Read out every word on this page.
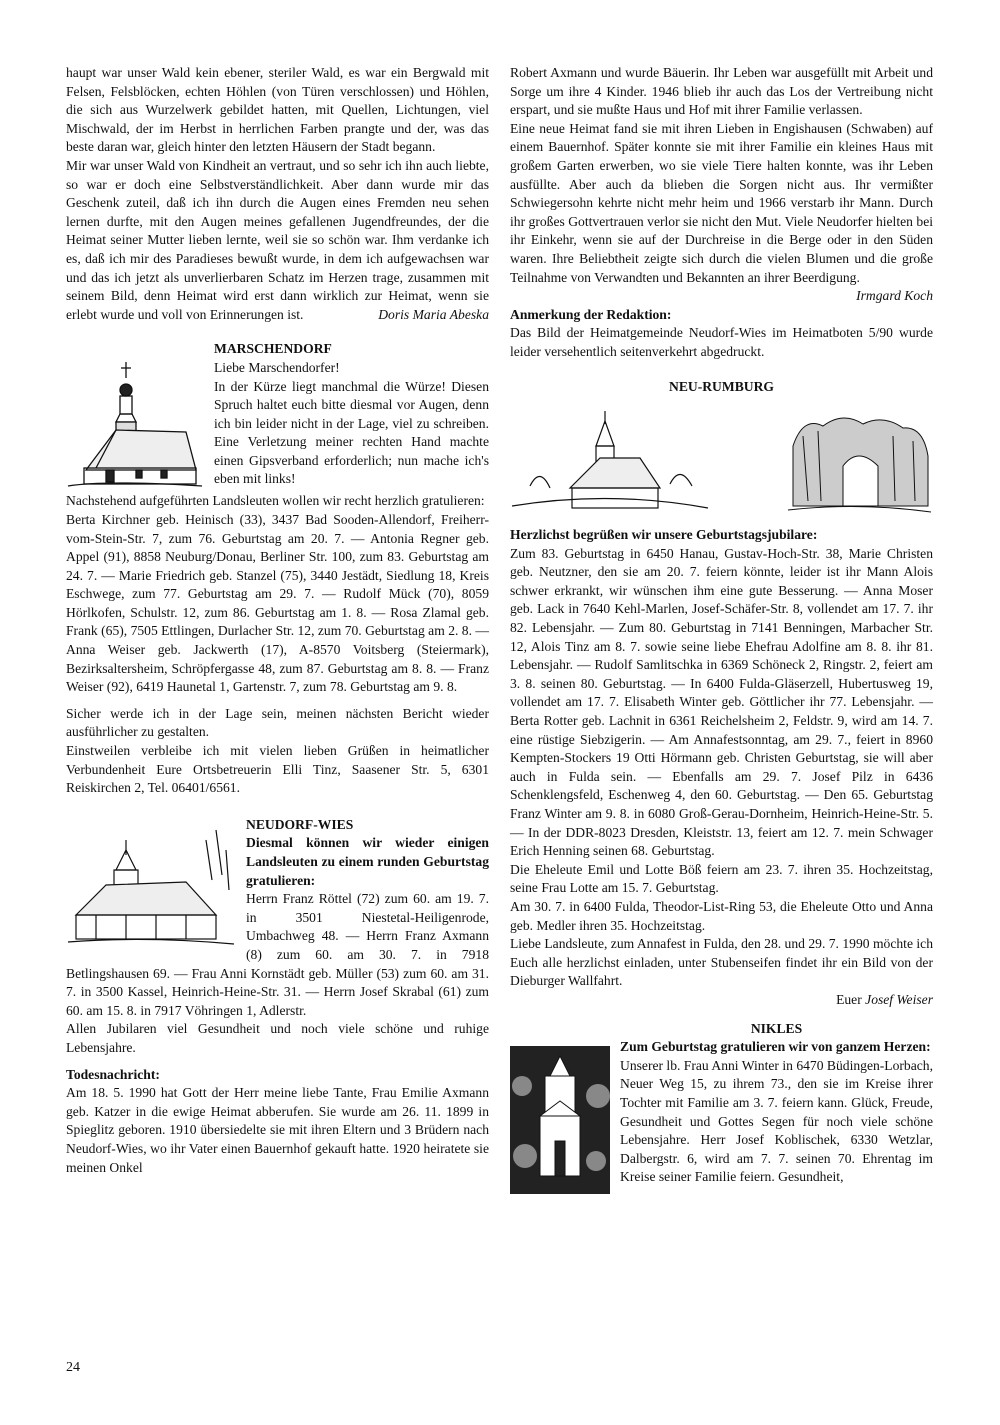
haupt war unser Wald kein ebener, steriler Wald, es war ein Bergwald mit Felsen, Felsblöcken, echten Höhlen (von Türen verschlossen) und Höhlen, die sich aus Wurzelwerk gebildet hatten, mit Quellen, Lichtungen, viel Mischwald, der im Herbst in herrlichen Farben prangte und der, was das beste daran war, gleich hinter den letzten Häusern der Stadt begann.

Mir war unser Wald von Kindheit an vertraut, und so sehr ich ihn auch liebte, so war er doch eine Selbstverständlichkeit. Aber dann wurde mir das Geschenk zuteil, daß ich ihn durch die Augen eines Fremden neu sehen lernen durfte, mit den Augen meines gefallenen Jugendfreundes, der die Heimat seiner Mutter lieben lernte, weil sie so schön war. Ihm verdanke ich es, daß ich mir des Paradieses bewußt wurde, in dem ich aufgewachsen war und das ich jetzt als unverlierbaren Schatz im Herzen trage, zusammen mit seinem Bild, denn Heimat wird erst dann wirklich zur Heimat, wenn sie erlebt wurde und voll von Erinnerungen ist.	Doris Maria Abeska

MARSCHENDORF

Liebe Marschendorfer!

In der Kürze liegt manchmal die Würze! Diesen Spruch haltet euch bitte diesmal vor Augen, denn ich bin leider nicht in der Lage, viel zu schreiben. Eine Verletzung meiner rechten Hand machte einen Gipsverband erforderlich; nun mache ich's eben mit links!

Nachstehend aufgeführten Landsleuten wollen wir recht herzlich gratulieren:

Berta Kirchner geb. Heinisch (33), 3437 Bad Sooden-Allendorf, Freiherr-vom-Stein-Str. 7, zum 76. Geburtstag am 20. 7. — Antonia Regner geb. Appel (91), 8858 Neuburg/Donau, Berliner Str. 100, zum 83. Geburtstag am 24. 7. — Marie Friedrich geb. Stanzel (75), 3440 Jestädt, Siedlung 18, Kreis Eschwege, zum 77. Geburtstag am 29. 7. — Rudolf Mück (70), 8059 Hörlkofen, Schulstr. 12, zum 86. Geburtstag am 1. 8. — Rosa Zlamal geb. Frank (65), 7505 Ettlingen, Durlacher Str. 12, zum 70. Geburtstag am 2. 8. — Anna Weiser geb. Jackwerth (17), A-8570 Voitsberg (Steiermark), Bezirksaltersheim, Schröpfergasse 48, zum 87. Geburtstag am 8. 8. — Franz Weiser (92), 6419 Haunetal 1, Gartenstr. 7, zum 78. Geburtstag am 9. 8.

Sicher werde ich in der Lage sein, meinen nächsten Bericht wieder ausführlicher zu gestalten.

Einstweilen verbleibe ich mit vielen lieben Grüßen in heimatlicher Verbundenheit Eure Ortsbetreuerin Elli Tinz, Saasener Str. 5, 6301 Reiskirchen 2, Tel. 06401/6561.

NEUDORF-WIES

Diesmal können wir wieder einigen Landsleuten zu einem runden Geburtstag gratulieren:

Herrn Franz Röttel (72) zum 60. am 19. 7. in 3501 Niestetal-Heiligenrode, Umbachweg 48. — Herrn Franz Axmann (8) zum 60. am 30. 7. in 7918 Betlingshausen 69. — Frau Anni Kornstädt geb. Müller (53) zum 60. am 31. 7. in 3500 Kassel, Heinrich-Heine-Str. 31. — Herrn Josef Skrabal (61) zum 60. am 15. 8. in 7917 Vöhringen 1, Adlerstr.

Allen Jubilaren viel Gesundheit und noch viele schöne und ruhige Lebensjahre.

Todesnachricht:

Am 18. 5. 1990 hat Gott der Herr meine liebe Tante, Frau Emilie Axmann geb. Katzer in die ewige Heimat abberufen. Sie wurde am 26. 11. 1899 in Spieglitz geboren. 1910 übersiedelte sie mit ihren Eltern und 3 Brüdern nach Neudorf-Wies, wo ihr Vater einen Bauernhof gekauft hatte. 1920 heiratete sie meinen Onkel

Robert Axmann und wurde Bäuerin. Ihr Leben war ausgefüllt mit Arbeit und Sorge um ihre 4 Kinder. 1946 blieb ihr auch das Los der Vertreibung nicht erspart, und sie mußte Haus und Hof mit ihrer Familie verlassen.

Eine neue Heimat fand sie mit ihren Lieben in Engishausen (Schwaben) auf einem Bauernhof. Später konnte sie mit ihrer Familie ein kleines Haus mit großem Garten erwerben, wo sie viele Tiere halten konnte, was ihr Leben ausfüllte. Aber auch da blieben die Sorgen nicht aus. Ihr vermißter Schwiegersohn kehrte nicht mehr heim und 1966 verstarb ihr Mann. Durch ihr großes Gottvertrauen verlor sie nicht den Mut. Viele Neudorfer hielten bei ihr Einkehr, wenn sie auf der Durchreise in die Berge oder in den Süden waren. Ihre Beliebtheit zeigte sich durch die vielen Blumen und die große Teilnahme von Verwandten und Bekannten an ihrer Beerdigung.
Irmgard Koch

Anmerkung der Redaktion:

Das Bild der Heimatgemeinde Neudorf-Wies im Heimatboten 5/90 wurde leider versehentlich seitenverkehrt abgedruckt.

NEU-RUMBURG

Herzlichst begrüßen wir unsere Geburtstagsjubilare:

Zum 83. Geburtstag in 6450 Hanau, Gustav-Hoch-Str. 38, Marie Christen geb. Neutzner, den sie am 20. 7. feiern könnte, leider ist ihr Mann Alois schwer erkrankt, wir wünschen ihm eine gute Besserung. — Anna Moser geb. Lack in 7640 Kehl-Marlen, Josef-Schäfer-Str. 8, vollendet am 17. 7. ihr 82. Lebensjahr. — Zum 80. Geburtstag in 7141 Benningen, Marbacher Str. 12, Alois Tinz am 8. 7. sowie seine liebe Ehefrau Adolfine am 8. 8. ihr 81. Lebensjahr. — Rudolf Samlitschka in 6369 Schöneck 2, Ringstr. 2, feiert am 3. 8. seinen 80. Geburtstag. — In 6400 Fulda-Gläserzell, Hubertusweg 19, vollendet am 17. 7. Elisabeth Winter geb. Göttlicher ihr 77. Lebensjahr. — Berta Rotter geb. Lachnit in 6361 Reichelsheim 2, Feldstr. 9, wird am 14. 7. eine rüstige Siebzigerin. — Am Annafestsonntag, am 29. 7., feiert in 8960 Kempten-Stockers 19 Otti Hörmann geb. Christen Geburtstag, sie will aber auch in Fulda sein. — Ebenfalls am 29. 7. Josef Pilz in 6436 Schenklengsfeld, Eschenweg 4, den 60. Geburtstag. — Den 65. Geburtstag Franz Winter am 9. 8. in 6080 Groß-Gerau-Dornheim, Heinrich-Heine-Str. 5. — In der DDR-8023 Dresden, Kleiststr. 13, feiert am 12. 7. mein Schwager Erich Henning seinen 68. Geburtstag.

Die Eheleute Emil und Lotte Böß feiern am 23. 7. ihren 35. Hochzeitstag, seine Frau Lotte am 15. 7. Geburtstag.

Am 30. 7. in 6400 Fulda, Theodor-List-Ring 53, die Eheleute Otto und Anna geb. Medler ihren 35. Hochzeitstag.

Liebe Landsleute, zum Annafest in Fulda, den 28. und 29. 7. 1990 möchte ich Euch alle herzlichst einladen, unter Stubenseifen findet ihr ein Bild von der Dieburger Wallfahrt.

Euer Josef Weiser

NIKLES

Zum Geburtstag gratulieren wir von ganzem Herzen:

Unserer lb. Frau Anni Winter in 6470 Büdingen-Lorbach, Neuer Weg 15, zu ihrem 73., den sie im Kreise ihrer Tochter mit Familie am 3. 7. feiern kann. Glück, Freude, Gesundheit und Gottes Segen für noch viele schöne Lebensjahre. Herr Josef Koblischek, 6330 Wetzlar, Dalbergstr. 6, wird am 7. 7. seinen 70. Ehrentag im Kreise seiner Familie feiern. Gesundheit,

24
